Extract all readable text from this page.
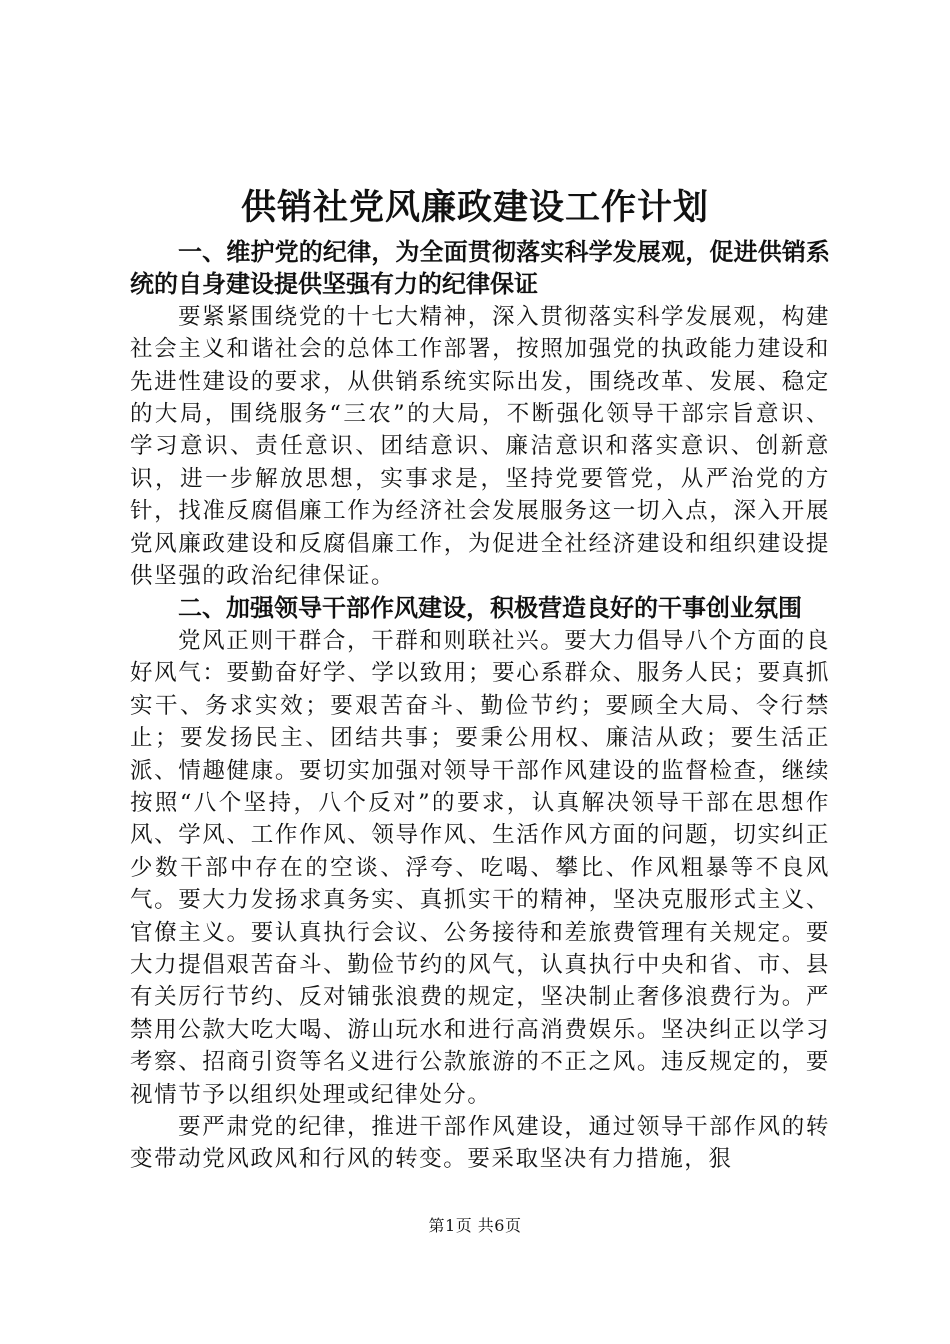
供销社党风廉政建设工作计划

一、维护党的纪律，为全面贯彻落实科学发展观，促进供销系统的自身建设提供坚强有力的纪律保证

要紧紧围绕党的十七大精神，深入贯彻落实科学发展观，构建社会主义和谐社会的总体工作部署，按照加强党的执政能力建设和先进性建设的要求，从供销系统实际出发，围绕改革、发展、稳定的大局，围绕服务“三农”的大局，不断强化领导干部宗旨意识、学习意识、责任意识、团结意识、廉洁意识和落实意识、创新意识，进一步解放思想，实事求是，坚持党要管党，从严治党的方针，找准反腐倡廉工作为经济社会发展服务这一切入点，深入开展党风廉政建设和反腐倡廉工作，为促进全社经济建设和组织建设提供坚强的政治纪律保证。

二、加强领导干部作风建设，积极营造良好的干事创业氛围

党风正则干群合，干群和则联社兴。要大力倡导八个方面的良好风气：要勤奋好学、学以致用；要心系群众、服务人民；要真抓实干、务求实效；要艰苦奋斗、勤俭节约；要顾全大局、令行禁止；要发扬民主、团结共事；要秉公用权、廉洁从政；要生活正派、情趣健康。要切实加强对领导干部作风建设的监督检查，继续按照“八个坚持，八个反对”的要求，认真解决领导干部在思想作风、学风、工作作风、领导作风、生活作风方面的问题，切实纠正少数干部中存在的空谈、浮夸、吃喝、攀比、作风粗暴等不良风气。要大力发扬求真务实、真抓实干的精神，坚决克服形式主义、官僚主义。要认真执行会议、公务接待和差旅费管理有关规定。要大力提倡艰苦奋斗、勤俭节约的风气，认真执行中央和省、市、县有关厉行节约、反对铺张浪费的规定，坚决制止奢侈浪费行为。严禁用公款大吃大喝、游山玩水和进行高消费娱乐。坚决纠正以学习考察、招商引资等名义进行公款旅游的不正之风。违反规定的，要视情节予以组织处理或纪律处分。

要严肃党的纪律，推进干部作风建设，通过领导干部作风的转变带动党风政风和行风的转变。要采取坚决有力措施，狠

第1页 共6页
